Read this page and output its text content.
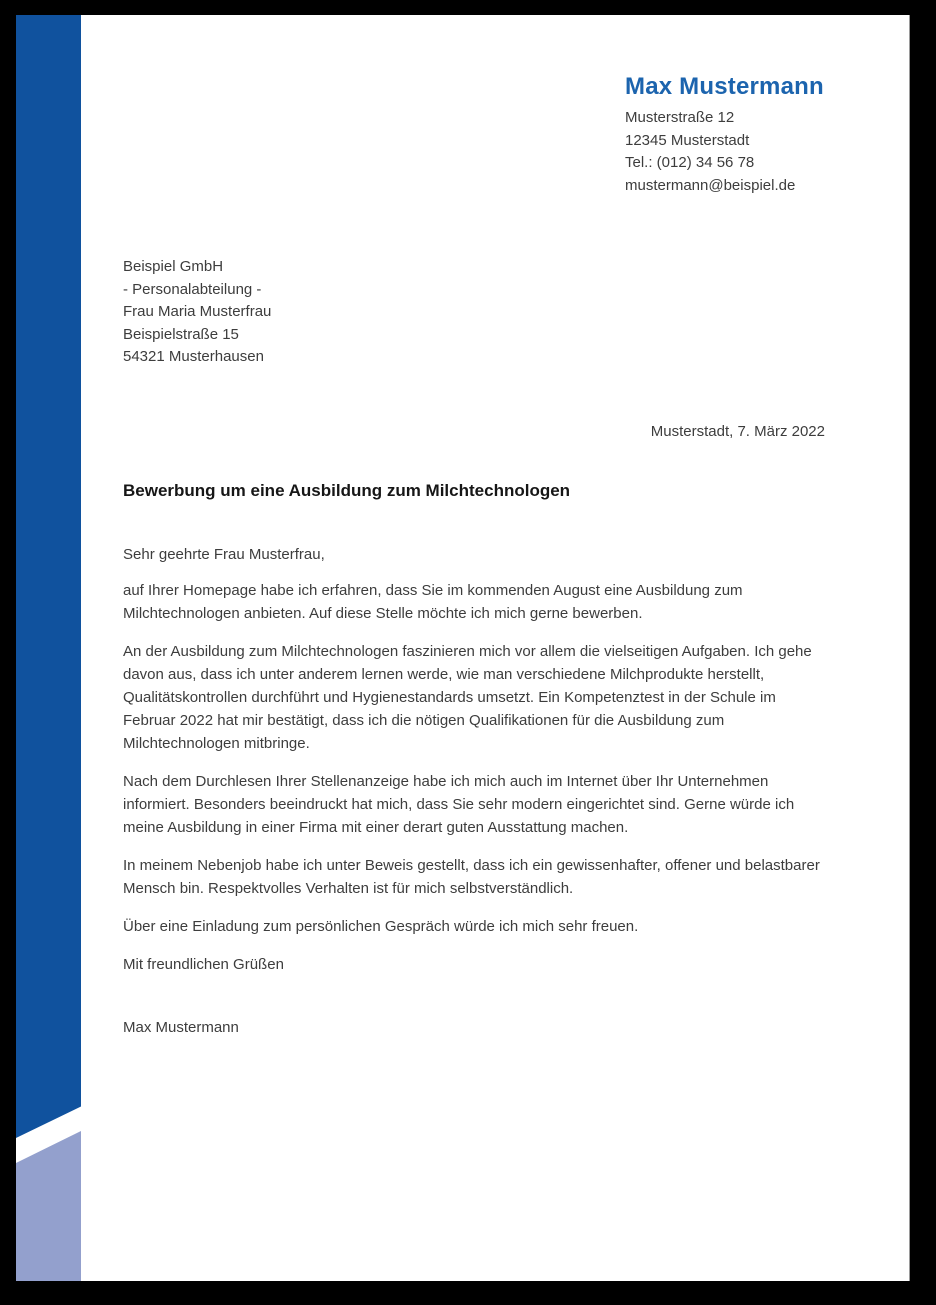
Max Mustermann
Musterstraße 12
12345 Musterstadt
Tel.: (012) 34 56 78
mustermann@beispiel.de
Beispiel GmbH
- Personalabteilung -
Frau Maria Musterfrau
Beispielstraße 15
54321 Musterhausen
Musterstadt, 7. März 2022
Bewerbung um eine Ausbildung zum Milchtechnologen

Sehr geehrte Frau Musterfrau,

auf Ihrer Homepage habe ich erfahren, dass Sie im kommenden August eine Ausbildung zum Milchtechnologen anbieten. Auf diese Stelle möchte ich mich gerne bewerben.

An der Ausbildung zum Milchtechnologen faszinieren mich vor allem die vielseitigen Aufgaben. Ich gehe davon aus, dass ich unter anderem lernen werde, wie man verschiedene Milchprodukte herstellt, Qualitätskontrollen durchführt und Hygienestandards umsetzt. Ein Kompetenztest in der Schule im Februar 2022 hat mir bestätigt, dass ich die nötigen Qualifikationen für die Ausbildung zum Milchtechnologen mitbringe.

Nach dem Durchlesen Ihrer Stellenanzeige habe ich mich auch im Internet über Ihr Unternehmen informiert. Besonders beeindruckt hat mich, dass Sie sehr modern eingerichtet sind. Gerne würde ich meine Ausbildung in einer Firma mit einer derart guten Ausstattung machen.

In meinem Nebenjob habe ich unter Beweis gestellt, dass ich ein gewissenhafter, offener und belastbarer Mensch bin. Respektvolles Verhalten ist für mich selbstverständlich.

Über eine Einladung zum persönlichen Gespräch würde ich mich sehr freuen.

Mit freundlichen Grüßen

Max Mustermann
